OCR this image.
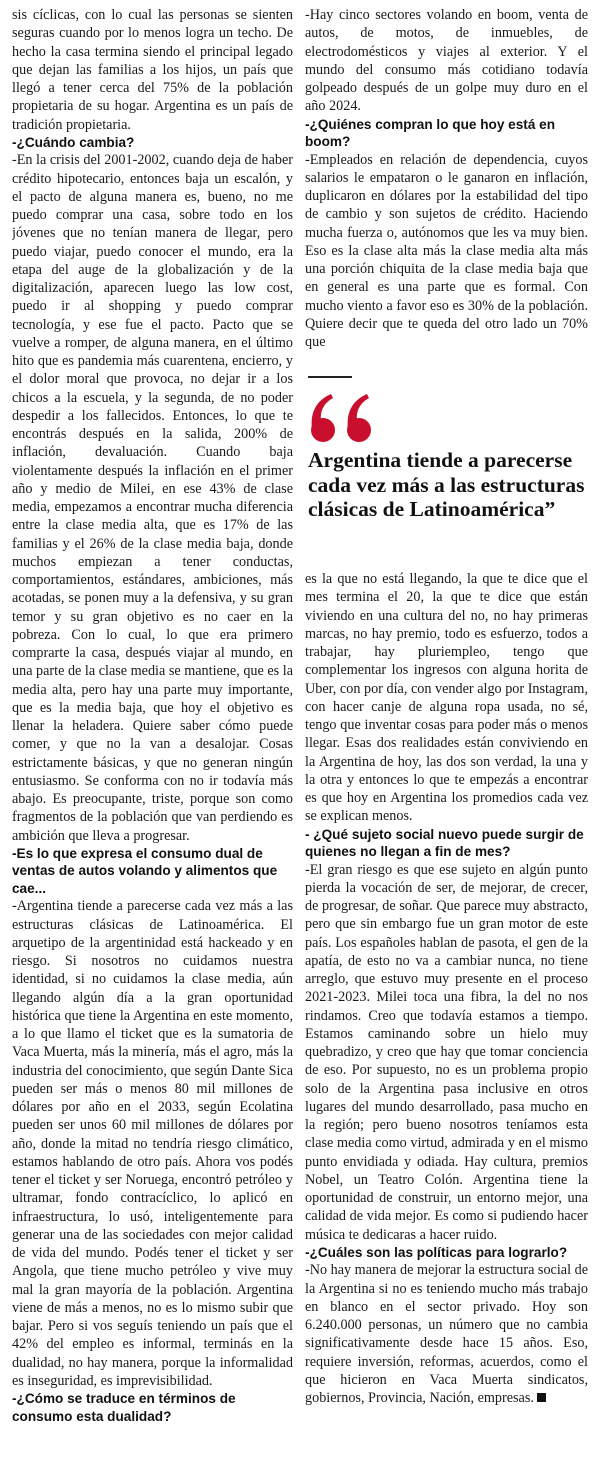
sis cíclicas, con lo cual las personas se sienten seguras cuando por lo menos logra un techo. De hecho la casa termina siendo el principal legado que dejan las familias a los hijos, un país que llegó a tener cerca del 75% de la población propietaria de su hogar. Argentina es un país de tradición propietaria.

-¿Cuándo cambia?

-En la crisis del 2001-2002, cuando deja de haber crédito hipotecario, entonces baja un escalón, y el pacto de alguna manera es, bueno, no me puedo comprar una casa, sobre todo en los jóvenes que no tenían manera de llegar, pero puedo viajar, puedo conocer el mundo, era la etapa del auge de la globalización y de la digitalización, aparecen luego las low cost, puedo ir al shopping y puedo comprar tecnología, y ese fue el pacto. Pacto que se vuelve a romper, de alguna manera, en el último hito que es pandemia más cuarentena, encierro, y el dolor moral que provoca, no dejar ir a los chicos a la escuela, y la segunda, de no poder despedir a los fallecidos. Entonces, lo que te encontrás después en la salida, 200% de inflación, devaluación. Cuando baja violentamente después la inflación en el primer año y medio de Milei, en ese 43% de clase media, empezamos a encontrar mucha diferencia entre la clase media alta, que es 17% de las familias y el 26% de la clase media baja, donde muchos empiezan a tener conductas, comportamientos, estándares, ambiciones, más acotadas, se ponen muy a la defensiva, y su gran temor y su gran objetivo es no caer en la pobreza. Con lo cual, lo que era primero comprarte la casa, después viajar al mundo, en una parte de la clase media se mantiene, que es la media alta, pero hay una parte muy importante, que es la media baja, que hoy el objetivo es llenar la heladera. Quiere saber cómo puede comer, y que no la van a desalojar. Cosas estrictamente básicas, y que no generan ningún entusiasmo. Se conforma con no ir todavía más abajo. Es preocupante, triste, porque son como fragmentos de la población que van perdiendo es ambición que lleva a progresar.

-Es lo que expresa el consumo dual de ventas de autos volando y alimentos que cae...

-Argentina tiende a parecerse cada vez más a las estructuras clásicas de Latinoamérica. El arquetipo de la argentinidad está hackeado y en riesgo. Si nosotros no cuidamos nuestra identidad, si no cuidamos la clase media, aún llegando algún día a la gran oportunidad histórica que tiene la Argentina en este momento, a lo que llamo el ticket que es la sumatoria de Vaca Muerta, más la minería, más el agro, más la industria del conocimiento, que según Dante Sica pueden ser más o menos 80 mil millones de dólares por año en el 2033, según Ecolatina pueden ser unos 60 mil millones de dólares por año, donde la mitad no tendría riesgo climático, estamos hablando de otro país. Ahora vos podés tener el ticket y ser Noruega, encontró petróleo y ultramar, fondo contracíclico, lo aplicó en infraestructura, lo usó, inteligentemente para generar una de las sociedades con mejor calidad de vida del mundo. Podés tener el ticket y ser Angola, que tiene mucho petróleo y vive muy mal la gran mayoría de la población. Argentina viene de más a menos, no es lo mismo subir que bajar. Pero si vos seguís teniendo un país que el 42% del empleo es informal, terminás en la dualidad, no hay manera, porque la informalidad es inseguridad, es imprevisibilidad.

-¿Cómo se traduce en términos de consumo esta dualidad?

-Hay cinco sectores volando en boom, venta de autos, de motos, de inmuebles, de electrodomésticos y viajes al exterior. Y el mundo del consumo más cotidiano todavía golpeado después de un golpe muy duro en el año 2024.

-¿Quiénes compran lo que hoy está en boom?

-Empleados en relación de dependencia, cuyos salarios le empataron o le ganaron en inflación, duplicaron en dólares por la estabilidad del tipo de cambio y son sujetos de crédito. Haciendo mucha fuerza o, autónomos que les va muy bien. Eso es la clase alta más la clase media alta más una porción chiquita de la clase media baja que en general es una parte que es formal. Con mucho viento a favor eso es 30% de la población. Quiere decir que te queda del otro lado un 70% que

Argentina tiende a parecerse cada vez más a las estructuras clásicas de Latinoamérica”

es la que no está llegando, la que te dice que el mes termina el 20, la que te dice que están viviendo en una cultura del no, no hay primeras marcas, no hay premio, todo es esfuerzo, todos a trabajar, hay pluriempleo, tengo que complementar los ingresos con alguna horita de Uber, con por día, con vender algo por Instagram, con hacer canje de alguna ropa usada, no sé, tengo que inventar cosas para poder más o menos llegar. Esas dos realidades están conviviendo en la Argentina de hoy, las dos son verdad, la una y la otra y entonces lo que te empezás a encontrar es que hoy en Argentina los promedios cada vez se explican menos.

- ¿Qué sujeto social nuevo puede surgir de quienes no llegan a fin de mes?

-El gran riesgo es que ese sujeto en algún punto pierda la vocación de ser, de mejorar, de crecer, de progresar, de soñar. Que parece muy abstracto, pero que sin embargo fue un gran motor de este país. Los españoles hablan de pasota, el gen de la apatía, de esto no va a cambiar nunca, no tiene arreglo, que estuvo muy presente en el proceso 2021-2023. Milei toca una fibra, la del no nos rindamos. Creo que todavía estamos a tiempo. Estamos caminando sobre un hielo muy quebradizo, y creo que hay que tomar conciencia de eso. Por supuesto, no es un problema propio solo de la Argentina pasa inclusive en otros lugares del mundo desarrollado, pasa mucho en la región; pero bueno nosotros teníamos esta clase media como virtud, admirada y en el mismo punto envidiada y odiada. Hay cultura, premios Nobel, un Teatro Colón. Argentina tiene la oportunidad de construir, un entorno mejor, una calidad de vida mejor. Es como si pudiendo hacer música te dedicaras a hacer ruido.

-¿Cuáles son las políticas para lograrlo?

-No hay manera de mejorar la estructura social de la Argentina si no es teniendo mucho más trabajo en blanco en el sector privado. Hoy son 6.240.000 personas, un número que no cambia significativamente desde hace 15 años. Eso, requiere inversión, reformas, acuerdos, como el que hicieron en Vaca Muerta sindicatos, gobiernos, Provincia, Nación, empresas.
